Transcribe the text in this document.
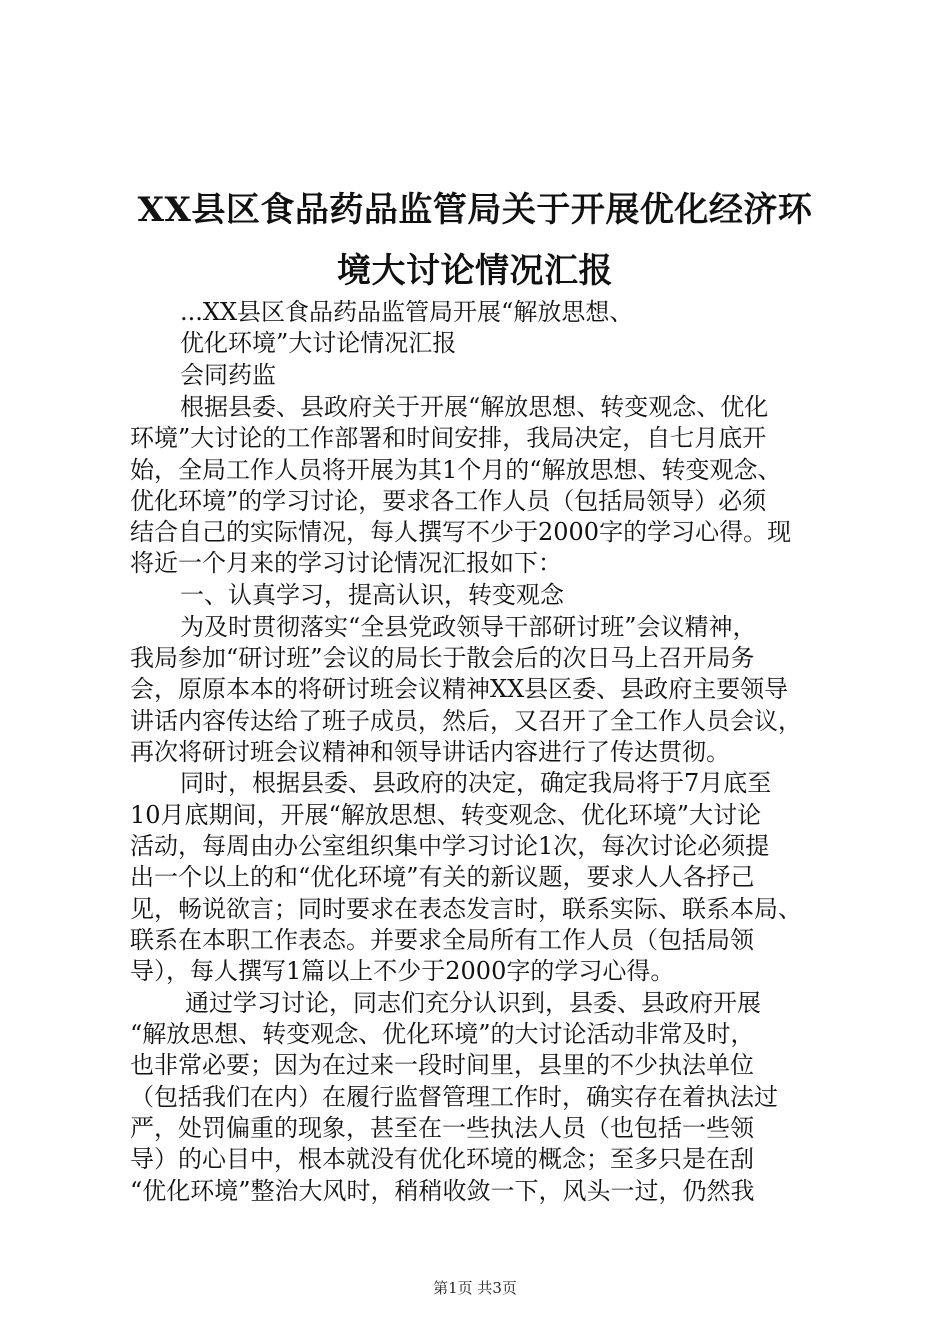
XX县区食品药品监管局关于开展优化经济环
境大讨论情况汇报
...XX县区食品药品监管局开展“解放思想、
优化环境”大讨论情况汇报
会同药监
根据县委、县政府关于开展“解放思想、转变观念、优化
环境”大讨论的工作部署和时间安排，我局决定，自七月底开
始，全局工作人员将开展为其1个月的“解放思想、转变观念、
优化环境”的学习讨论，要求各工作人员（包括局领导）必须
结合自己的实际情况，每人撰写不少于2000字的学习心得。现
将近一个月来的学习讨论情况汇报如下：
一、认真学习，提高认识，转变观念
为及时贯彻落实“全县党政领导干部研讨班”会议精神，
我局参加“研讨班”会议的局长于散会后的次日马上召开局务
会，原原本本的将研讨班会议精神XX县区委、县政府主要领导
讲话内容传达给了班子成员，然后，又召开了全工作人员会议，
再次将研讨班会议精神和领导讲话内容进行了传达贯彻。
同时，根据县委、县政府的决定，确定我局将于7月底至
10月底期间，开展“解放思想、转变观念、优化环境”大讨论
活动，每周由办公室组织集中学习讨论1次，每次讨论必须提
出一个以上的和“优化环境”有关的新议题，要求人人各抒己
见，畅说欲言；同时要求在表态发言时，联系实际、联系本局、
联系在本职工作表态。并要求全局所有工作人员（包括局领
导），每人撰写1篇以上不少于2000字的学习心得。
通过学习讨论，同志们充分认识到，县委、县政府开展
“解放思想、转变观念、优化环境”的大讨论活动非常及时，
也非常必要；因为在过来一段时间里，县里的不少执法单位
（包括我们在内）在履行监督管理工作时，确实存在着执法过
严，处罚偏重的现象，甚至在一些执法人员（也包括一些领
导）的心目中，根本就没有优化环境的概念；至多只是在刮
“优化环境”整治大风时，稍稍收敛一下，风头一过，仍然我
第1页 共3页
